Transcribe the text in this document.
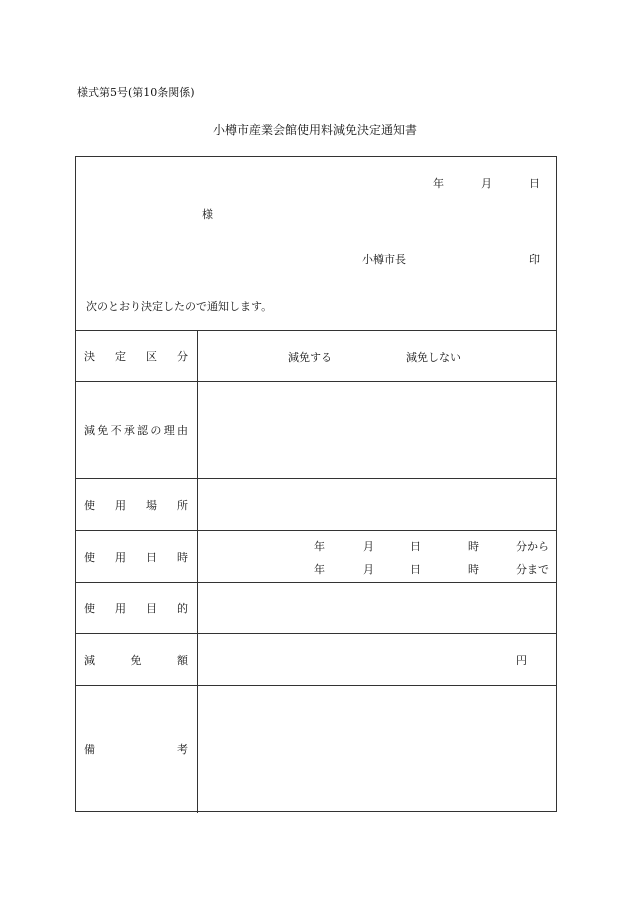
様式第5号(第10条関係)
小樽市産業会館使用料減免決定通知書
年	月	日
様
小樽市長	印
次のとおり決定したので通知します。
決 定 区 分	減免する	減免しない
減 免 不 承 認 の 理 由
使 用 場 所
使 用 日 時
年	月	日	時	分から
年	月	日	時	分まで
使 用 目 的
減	免	額	円
備	考
